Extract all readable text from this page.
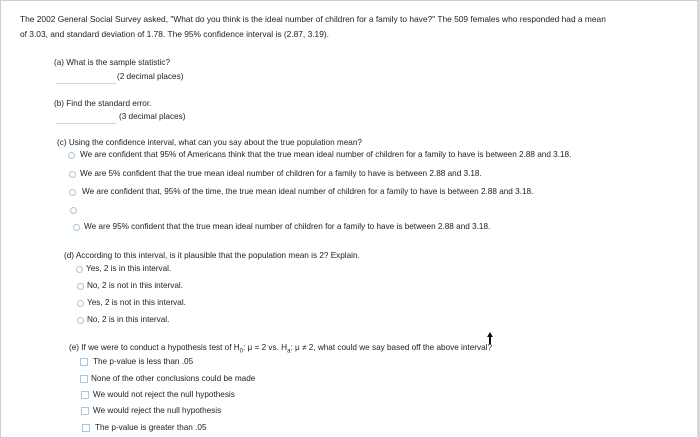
The 2002 General Social Survey asked, "What do you think is the ideal number of children for a family to have?" The 509 females who responded had a mean
of 3.03, and standard deviation of 1.78. The 95% confidence interval is (2.87, 3.19).
(a) What is the sample statistic?
(2 decimal places)
(b) Find the standard error.
(3 decimal places)
(c) Using the confidence interval, what can you say about the true population mean?
We are confident that 95% of Americans think that the true mean ideal number of children for a family to have is between 2.88 and 3.18.
We are 5% confident that the true mean ideal number of children for a family to have is between 2.88 and 3.18.
We are confident that, 95% of the time, the true mean ideal number of children for a family to have is between 2.88 and 3.18.
We are 95% confident that the true mean ideal number of children for a family to have is between 2.88 and 3.18.
(d) According to this interval, is it plausible that the population mean is 2? Explain.
Yes, 2 is in this interval.
No, 2 is not in this interval.
Yes, 2 is not in this interval.
No, 2 is in this interval.
(e) If we were to conduct a hypothesis test of $H_0$: μ = 2 vs. $H_a$: μ ≠ 2, what could we say based off the above interval?
The p-value is less than .05
None of the other conclusions could be made
We would not reject the null hypothesis
We would reject the null hypothesis
The p-value is greater than .05
